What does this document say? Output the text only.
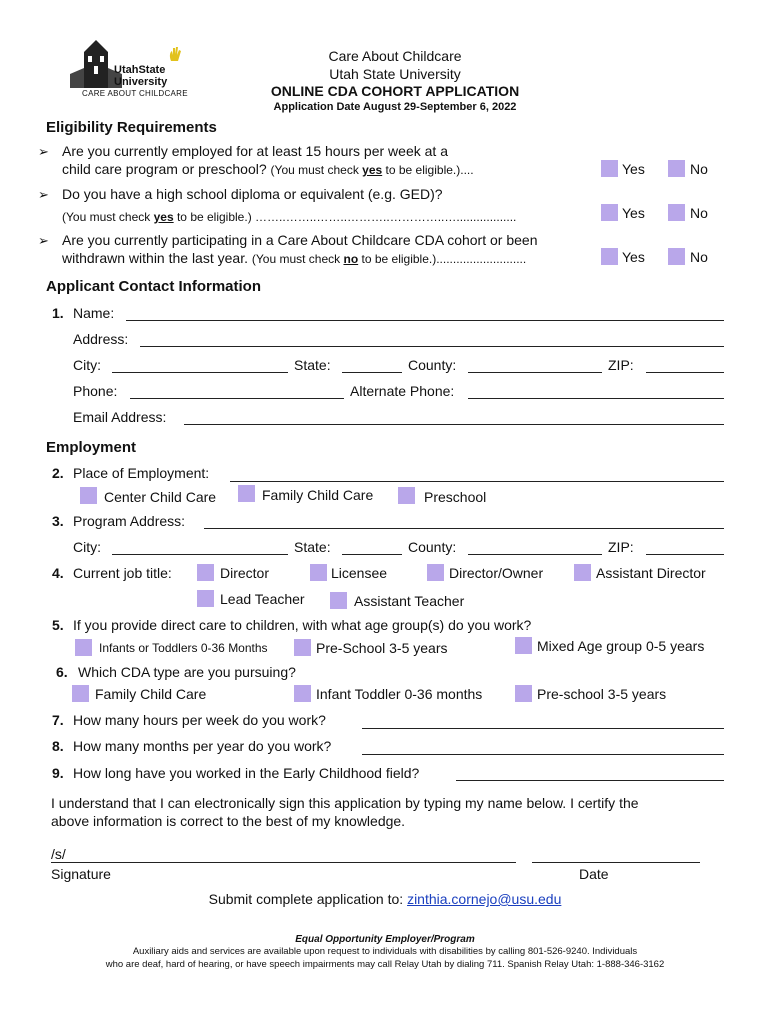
UtahState University
CARE ABOUT CHILDCARE
Care About Childcare
Utah State University
ONLINE CDA COHORT APPLICATION
Application Date August 29-September 6, 2022
Eligibility Requirements
➢ Are you currently employed for at least 15 hours per week at a
child care program or preschool? (You must check yes to be eligible.)....	Yes	No
➢ Do you have a high school diploma or equivalent (e.g. GED)?
(You must check yes to be eligible.) ……..……..……..………..…………..…..................	Yes	No
➢ Are you currently participating in a Care About Childcare CDA cohort or been
withdrawn within the last year. (You must check no to be eligible.)...........................	Yes	No
Applicant Contact Information
1. Name:
Address:
City:	State:	County:	ZIP:
Phone:	Alternate Phone:
Email Address:
Employment
2. Place of Employment:
Center Child Care	Family Child Care	Preschool
3. Program Address:
City:	State:	County:	ZIP:
4. Current job title:	Director	Licensee	Director/Owner	Assistant Director
Lead Teacher	Assistant Teacher
5. If you provide direct care to children, with what age group(s) do you work?
Infants or Toddlers 0-36 Months	Pre-School 3-5 years	Mixed Age group 0-5 years
6. Which CDA type are you pursuing?
Family Child Care	Infant Toddler 0-36 months	Pre-school 3-5 years
7. How many hours per week do you work?
8. How many months per year do you work?
9. How long have you worked in the Early Childhood field?
I understand that I can electronically sign this application by typing my name below. I certify the
above information is correct to the best of my knowledge.
/s/
Signature	Date
Submit complete application to: zinthia.cornejo@usu.edu
Equal Opportunity Employer/Program
Auxiliary aids and services are available upon request to individuals with disabilities by calling 801-526-9240. Individuals
who are deaf, hard of hearing, or have speech impairments may call Relay Utah by dialing 711. Spanish Relay Utah: 1-888-346-3162
